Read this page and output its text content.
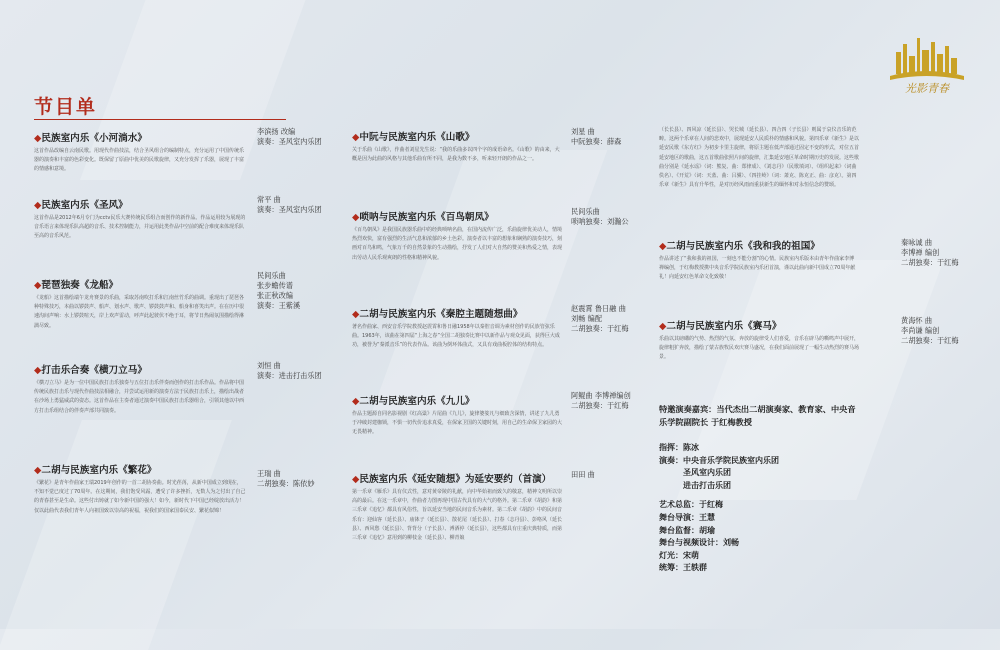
光影青春
节目单
◆民族室内乐《小河淌水》

这首作品改编自云南民歌。用现代作曲技法，结合圣风组合的编制特点，充分运用了中国传统乐器的演奏和丰富的色彩变化。既保留了原曲中优美的民歌旋律，又充分发挥了乐器，展现了丰富的情感和意境。

李滨扬 改编
演奏：圣风室内乐团
◆民族室内乐《圣风》

这首作品是2012年6月专门为cctv民乐大赛传统民乐组合而创作的新作品。作品运用较为展现的音乐语言来体现乐队高超的音乐、技术控制能力，并运用此类作品中空前的配合难度来体现乐队至高的音乐风范。

常平 曲
演奏：圣风室内乐团
◆琵琶独奏《龙船》

《龙船》这首描绘端午龙舟赛景的乐曲，采取苏南吹打乐和江南丝竹乐的曲调。重现出了琵琶各种特殊技巧，本曲以锣鼓声、船声、划水声、歌声、锣鼓鼓声和、船身和喜笑出声。在在历中很速沟间声响：水上锣鼓喧天，岸上欢声雷动，呼声此起彼伏不绝于耳，将节日热闹氛围描绘得淋漓尽致。

民间乐曲
张步蟾传谱
张正秋改编
演奏：王紫溪
◆打击乐合奏《横刀立马》

《横刀立马》是为一位中国民族打击乐独奏与五位打击乐伴奏而创作的打击乐作品。作品将中国传统民族打击乐与现代作曲技法相融合，并尝试运用新的演奏方法于民族打击乐上，描绘出战者在沙场上勇猛威武的姿态。这首作品在主奏者通过演奏中国民族打击乐器组合，引领其他以中西方打击乐组结合的伴奏声部共同演奏。

刘恒 曲
演奏：进击打击乐团
◆二胡与民族室内乐《繁花》

《繁花》是青年作曲家王瑞2019年创作的一首二胡协奏曲。时光荏苒，从新中国成立到现在，不知不觉已度过了70周年。在这期间，我们饱受风霜，遭受了许多挫折，无数人为之付出了自己的青春甚至是生命。这些付出铸就了如今新中国的强大！如今，新时代下中国已经绽放出活力！仅以此曲代表我们青年人向祖国致以崇高的祝福，祝我们的国家国泰民安、繁花似锦！

王瑞 曲
二胡独奏：陈依妙
◆中阮与民族室内乐《山歌》

关于乐曲《山歌》，作曲者刘星先生说：“我的乐曲多以四个字的成语命名。《山歌》的由来，大概是因为此曲的风格与其他乐曲有所不同，是我为数不多，听来轻开朗的作品之一。

刘星 曲
中阮独奏：薛森
◆唢呐与民族室内乐《百鸟朝凤》

《百鸟朝凤》是我国民族器乐曲中的经典唢呐名曲，在国内流传广泛，乐曲旋律优美动人，情境热烈欢快，富有强烈的生活气息和浓郁的乡土色彩。演奏者以丰富的想象和娴熟的演奏技巧，刻画对百鸟和鸣，气象万千的自然景象的生动描绘，抒发了人们对大自然的赞美和热爱之情，表现出劳动人民乐观爽朗的性格和精神风貌。

民间乐曲
唢呐独奏：刘瀚公
◆二胡与民族室内乐《秦腔主题随想曲》

著名作曲家、西安音乐学院教授赵震霄和鲁日融1958年以秦腔音调为素材创作的民族管弦乐曲。1963年，该曲在第四届“上海之春”全国二胡独奏比赛中以新作品与观众见面，获得巨大成功，被誉为“秦派音乐”的代表作品。该曲为倒环体曲式，又具有戏曲板腔体的结构特点。

赵震霄 鲁日融 曲
刘畅 编配
二胡独奏：于红梅
◆二胡与民族室内乐《九儿》

作品主题源自同名影视剧《红高粱》片尾曲《九儿》，旋律婆娑凡与细致含深情，讲述了九儿勇于冲破封建枷锁，不惧一切代价追求真爱，在保家卫国的关键时刻，用自己的生命保卫家园的大无畏精神。

阿鲲曲 李博禅编创
二胡独奏：于红梅
◆民族室内乐《延安随想》为延安要约（首演）

第一乐章《雁乐》具有仪式性，意对黄帝陵的礼献，向中华始祖而致久的敬意，精神文明所以崇高的最后。在这一乐章中，作曲者力图再现中国古代具有的大气的格外。第二乐章《胡韵》和第三乐章《追忆》都具有风俗性，旨以延安当地的民间音乐为素材。第二乐章《胡韵》中的民间音乐有：迎仙客（延长县）、庙钵子（延长县）、散花尾（延长县）、打春（志丹县）、彭咯风（延长县）、西风愁（延长县）、背背分（子长县）、溥酒停（延长县），这些都具有庄重庆典特质，而第三乐章《追忆》意用到的柳枝金（延长县）、柳青娘

田田 曲

（长长县）、四风凉（延长县）、哭长城（延长县）、四合四（子长县）则属于哀仪音乐的范畴。这两个乐章在人间的悲欢中，展现延安人民质朴的情感和风貌。第四乐章《新生》是以延安民歌《东方红》为初步卡里主旋律，将原主题在低声部通过固定不变的形式，对位五首延安地区的歌曲，这五首歌曲张照片间的旋律，汇集延安地区革命时期历史的发展。这些歌曲分别是《延水谣》（词：熊复、曲：郑律成）、《刘志丹》（民歌填词）、《组织起来》（词曲佚名）、《开荒》（词：天蓝、曲：吕骥）、《四挂岭》（词：萧克、陈克正、曲：彦克）。第四乐章《新生》具有升华性，是对历经风雨而重获新生的缅怀和对永恒信念的赞颂。

◆二胡与民族室内乐《我和我的祖国》

作品讲述了“我和我的祖国，一刻也不能分割”的心情。民族室内乐版本由青年作曲家李博禅编创，于红梅教授携中央音乐学院民族室内乐团首演，谨以此曲向新中国成立70周年献礼！向延安红色革命文化致敬！

秦咏诚 曲
李博禅 编创
二胡独奏：于红梅
◆二胡与民族室内乐《赛马》

乐曲以其磅礴的气势、热烈的气氛、奔放的旋律受人们喜爱，音乐在辟马的嘶鸣声中展开，旋律粗犷奔放，描绘了蒙古族牧民欢庆赛马盛况，在我们面前展现了一幅生动热烈的赛马场景。

黄海怀 曲
李尚谦 编创
二胡独奏：于红梅
特邀演奏嘉宾：当代杰出二胡演奏家、教育家、中央音乐学院副院长 于红梅教授
指挥： 陈冰
演奏： 中央音乐学院民族室内乐团
圣风室内乐团
进击打击乐团
艺术总监： 于红梅
舞台导演： 王慧
舞台监督： 胡瑜
舞台与视频设计： 刘畅
灯光： 宋萌
统筹： 王轶群
